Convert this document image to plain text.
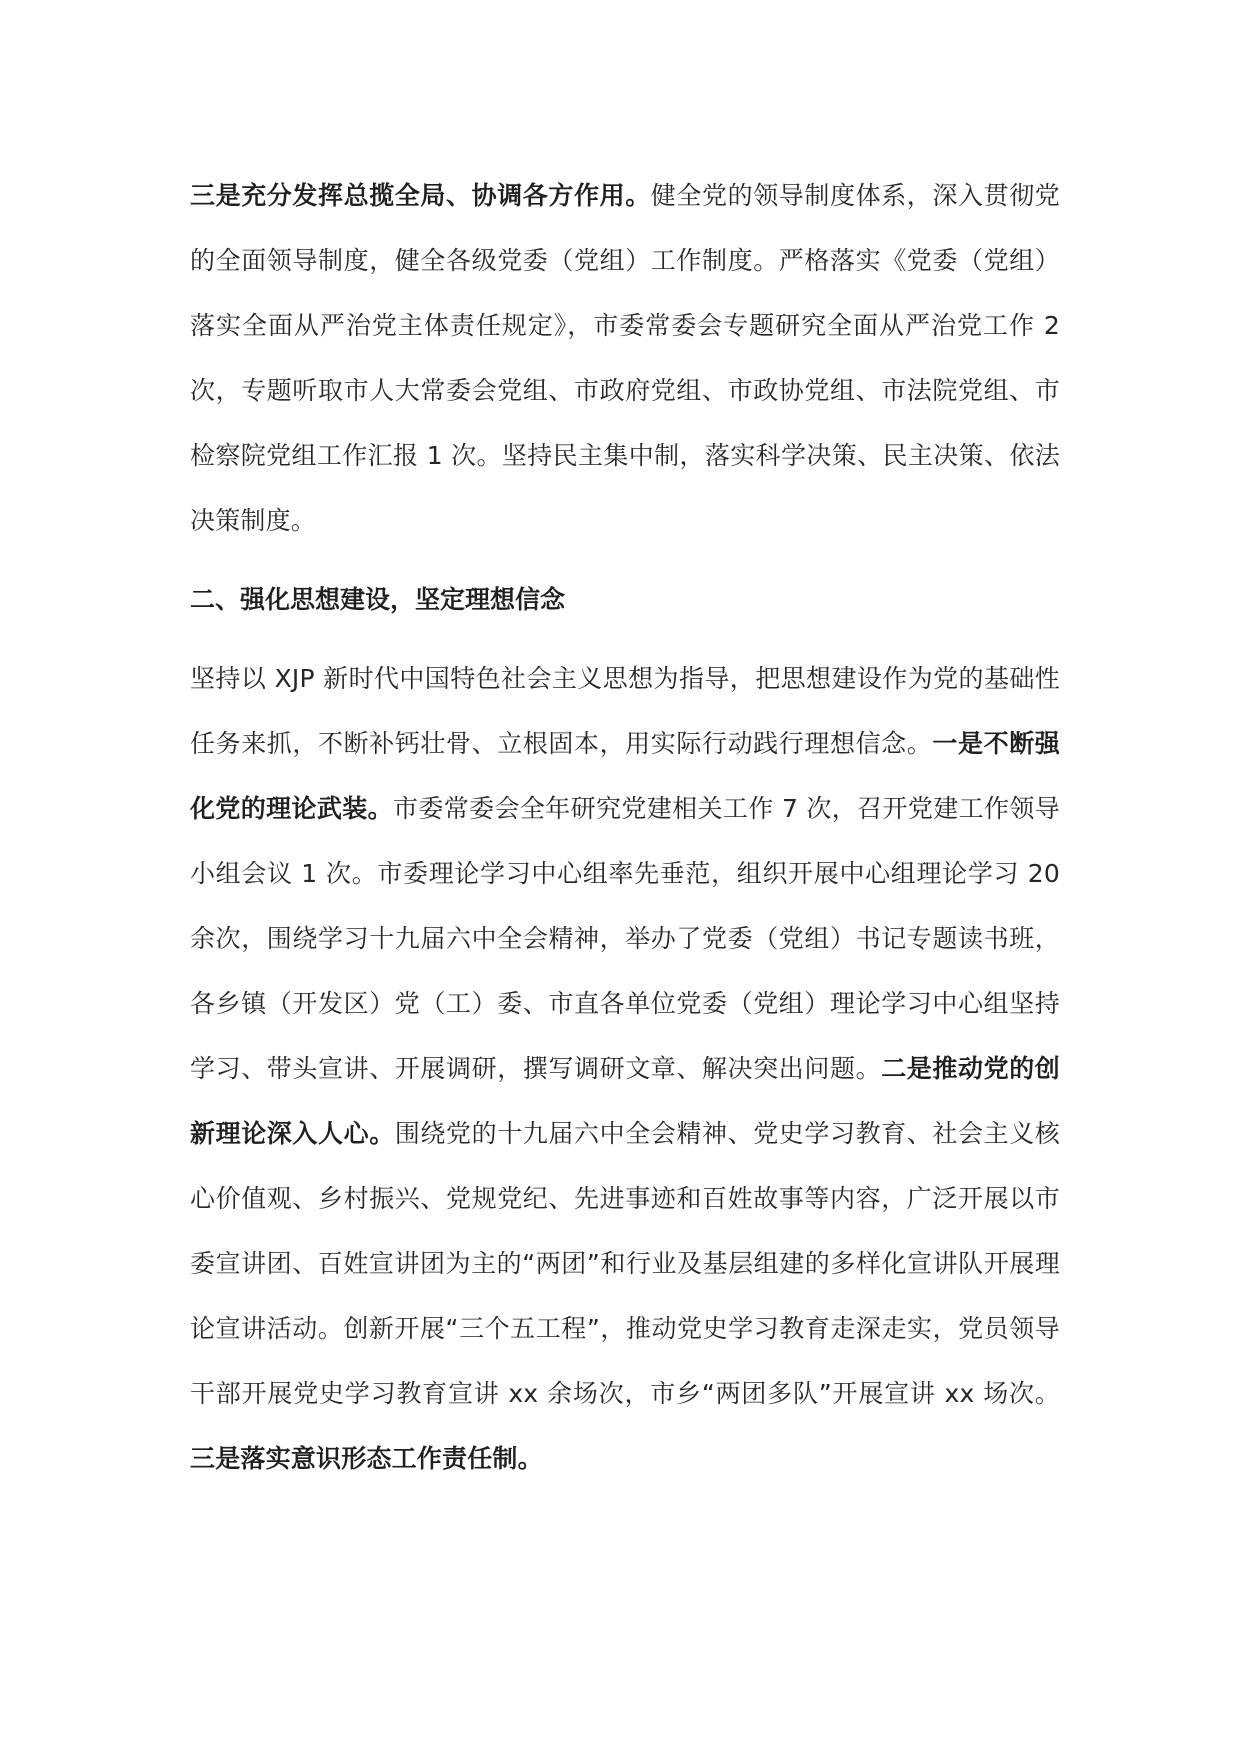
三是充分发挥总揽全局、协调各方作用。健全党的领导制度体系，深入贯彻党的全面领导制度，健全各级党委（党组）工作制度。严格落实《党委（党组）落实全面从严治党主体责任规定》，市委常委会专题研究全面从严治党工作 2 次，专题听取市人大常委会党组、市政府党组、市政协党组、市法院党组、市检察院党组工作汇报 1 次。坚持民主集中制，落实科学决策、民主决策、依法决策制度。

二、强化思想建设，坚定理想信念

坚持以 XJP 新时代中国特色社会主义思想为指导，把思想建设作为党的基础性任务来抓，不断补钙壮骨、立根固本，用实际行动践行理想信念。一是不断强化党的理论武装。市委常委会全年研究党建相关工作 7 次，召开党建工作领导小组会议 1 次。市委理论学习中心组率先垂范，组织开展中心组理论学习 20 余次，围绕学习十九届六中全会精神，举办了党委（党组）书记专题读书班，各乡镇（开发区）党（工）委、市直各单位党委（党组）理论学习中心组坚持学习、带头宣讲、开展调研，撰写调研文章、解决突出问题。二是推动党的创新理论深入人心。围绕党的十九届六中全会精神、党史学习教育、社会主义核心价值观、乡村振兴、党规党纪、先进事迹和百姓故事等内容，广泛开展以市委宣讲团、百姓宣讲团为主的“两团”和行业及基层组建的多样化宣讲队开展理论宣讲活动。创新开展“三个五工程”，推动党史学习教育走深走实，党员领导干部开展党史学习教育宣讲 xx 余场次，市乡“两团多队”开展宣讲 xx 场次。三是落实意识形态工作责任制。
